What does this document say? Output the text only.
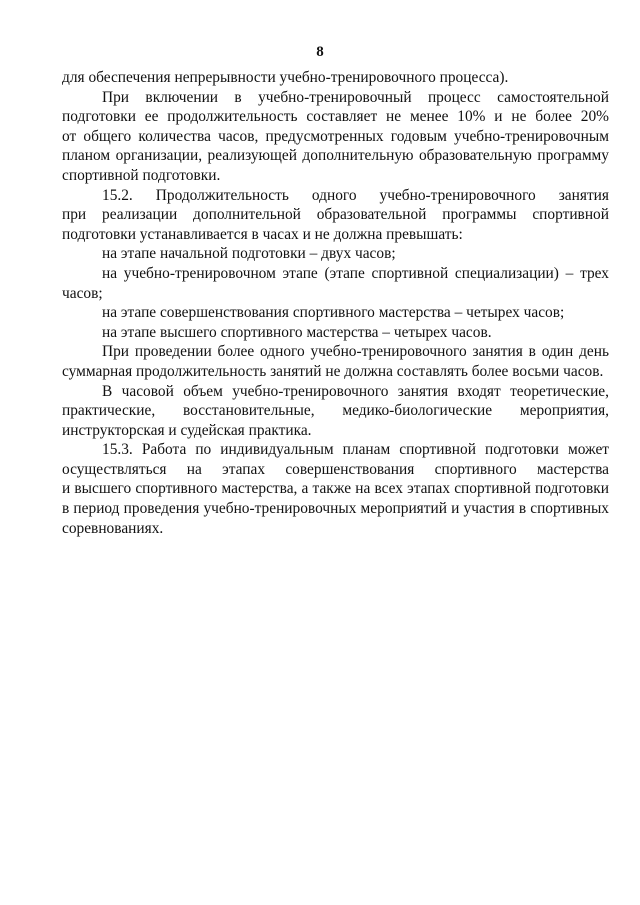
8
для обеспечения непрерывности учебно-тренировочного процесса).
При включении в учебно-тренировочный процесс самостоятельной
подготовки ее продолжительность составляет не менее 10% и не более 20%
от общего количества часов, предусмотренных годовым учебно-тренировочным
планом организации, реализующей дополнительную образовательную программу
спортивной подготовки.
15.2. Продолжительность одного учебно-тренировочного занятия
при реализации дополнительной образовательной программы спортивной
подготовки устанавливается в часах и не должна превышать:
на этапе начальной подготовки – двух часов;
на учебно-тренировочном этапе (этапе спортивной специализации) – трех
часов;
на этапе совершенствования спортивного мастерства – четырех часов;
на этапе высшего спортивного мастерства – четырех часов.
При проведении более одного учебно-тренировочного занятия в один день
суммарная продолжительность занятий не должна составлять более восьми часов.
В часовой объем учебно-тренировочного занятия входят теоретические,
практические, восстановительные, медико-биологические мероприятия,
инструкторская и судейская практика.
15.3. Работа по индивидуальным планам спортивной подготовки может
осуществляться на этапах совершенствования спортивного мастерства
и высшего спортивного мастерства, а также на всех этапах спортивной подготовки
в период проведения учебно-тренировочных мероприятий и участия в спортивных
соревнованиях.
